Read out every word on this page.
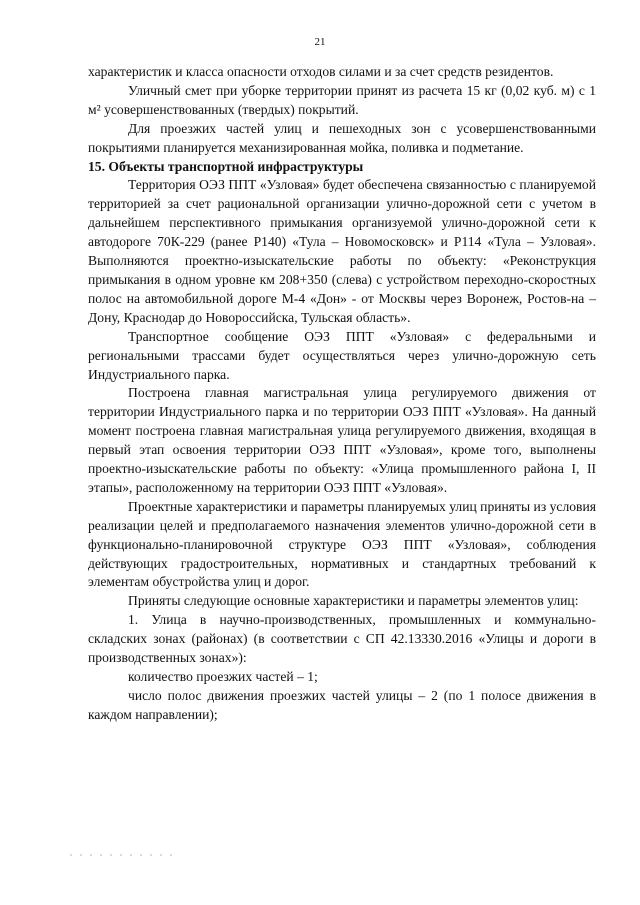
21

характеристик и класса опасности отходов силами и за счет средств резидентов.

Уличный смет при уборке территории принят из расчета 15 кг (0,02 куб. м) с 1 м² усовершенствованных (твердых) покрытий.

Для проезжих частей улиц и пешеходных зон с усовершенствованными покрытиями планируется механизированная мойка, поливка и подметание.

15. Объекты транспортной инфраструктуры

Территория ОЭЗ ППТ «Узловая» будет обеспечена связанностью с планируемой территорией за счет рациональной организации улично-дорожной сети с учетом в дальнейшем перспективного примыкания организуемой улично-дорожной сети к автодороге 70К-229 (ранее Р140) «Тула – Новомосковск» и Р114 «Тула – Узловая». Выполняются проектно-изыскательские работы по объекту: «Реконструкция примыкания в одном уровне км 208+350 (слева) с устройством переходно-скоростных полос на автомобильной дороге М-4 «Дон» - от Москвы через Воронеж, Ростов-на –Дону, Краснодар до Новороссийска, Тульская область».

Транспортное сообщение ОЭЗ ППТ «Узловая» с федеральными и региональными трассами будет осуществляться через улично-дорожную сеть Индустриального парка.

Построена главная магистральная улица регулируемого движения от территории Индустриального парка и по территории ОЭЗ ППТ «Узловая». На данный момент построена главная магистральная улица регулируемого движения, входящая в первый этап освоения территории ОЭЗ ППТ «Узловая», кроме того, выполнены проектно-изыскательские работы по объекту: «Улица промышленного района I, II этапы», расположенному на территории ОЭЗ ППТ «Узловая».

Проектные характеристики и параметры планируемых улиц приняты из условия реализации целей и предполагаемого назначения элементов улично-дорожной сети в функционально-планировочной структуре ОЭЗ ППТ «Узловая», соблюдения действующих градостроительных, нормативных и стандартных требований к элементам обустройства улиц и дорог.

Приняты следующие основные характеристики и параметры элементов улиц:

1. Улица в научно-производственных, промышленных и коммунально-складских зонах (районах) (в соответствии с СП 42.13330.2016 «Улицы и дороги в производственных зонах»):

количество проезжих частей – 1;

число полос движения проезжих частей улицы – 2 (по 1 полосе движения в каждом направлении);
